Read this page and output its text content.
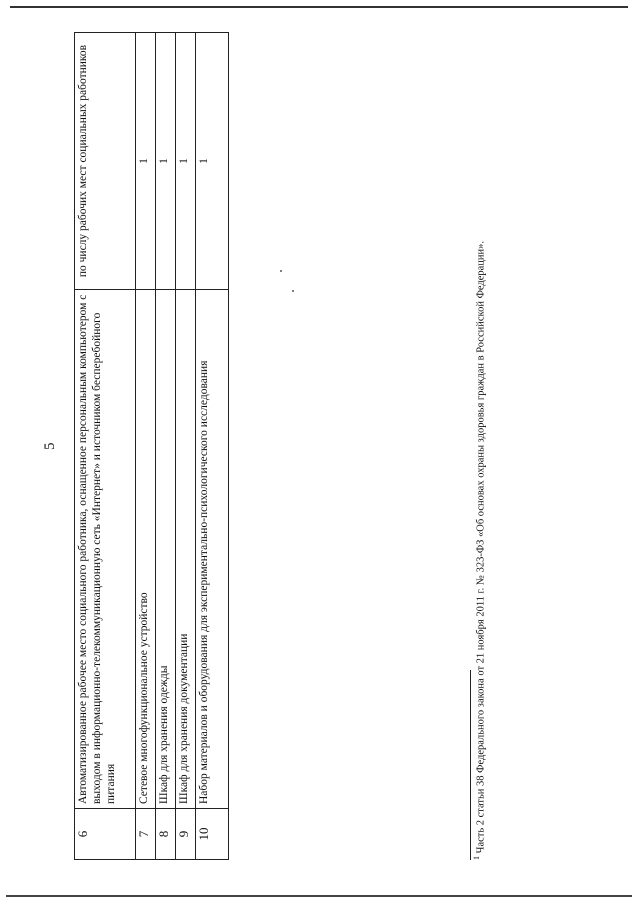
5
6	Автоматизированное рабочее место социального работника, оснащенное персональным компьютером с выходом в информационно-телекоммуникационную сеть «Интернет» и источником бесперебойного питания	по числу рабочих мест социальных работников
7	Сетевое многофункциональное устройство	1
8	Шкаф для хранения одежды	1
9	Шкаф для хранения документации	1
10	Набор материалов и оборудования для экспериментально-психологического исследования	1
$^1$ Часть 2 статьи 38 Федерального закона от 21 ноября 2011 г. № 323-ФЗ «Об основах охраны здоровья граждан в Российской Федерации».
